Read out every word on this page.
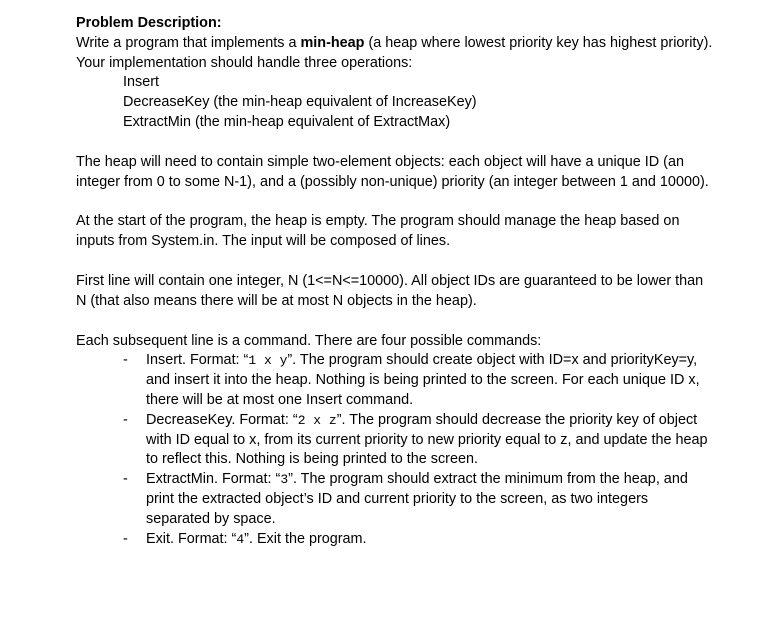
Problem Description:

Write a program that implements a min-heap (a heap where lowest priority key has highest priority). Your implementation should handle three operations:

Insert
DecreaseKey (the min-heap equivalent of IncreaseKey)
ExtractMin (the min-heap equivalent of ExtractMax)

The heap will need to contain simple two-element objects: each object will have a unique ID (an integer from 0 to some N-1), and a (possibly non-unique) priority (an integer between 1 and 10000).

At the start of the program, the heap is empty. The program should manage the heap based on inputs from System.in. The input will be composed of lines.

First line will contain one integer, N (1<=N<=10000). All object IDs are guaranteed to be lower than N (that also means there will be at most N objects in the heap).

Each subsequent line is a command. There are four possible commands:

- Insert. Format: “1 x y”. The program should create object with ID=x and priorityKey=y, and insert it into the heap. Nothing is being printed to the screen. For each unique ID x, there will be at most one Insert command.
- DecreaseKey. Format: “2 x z”. The program should decrease the priority key of object with ID equal to x, from its current priority to new priority equal to z, and update the heap to reflect this. Nothing is being printed to the screen.
- ExtractMin. Format: “3”. The program should extract the minimum from the heap, and print the extracted object’s ID and current priority to the screen, as two integers separated by space.
- Exit. Format: “4”. Exit the program.
